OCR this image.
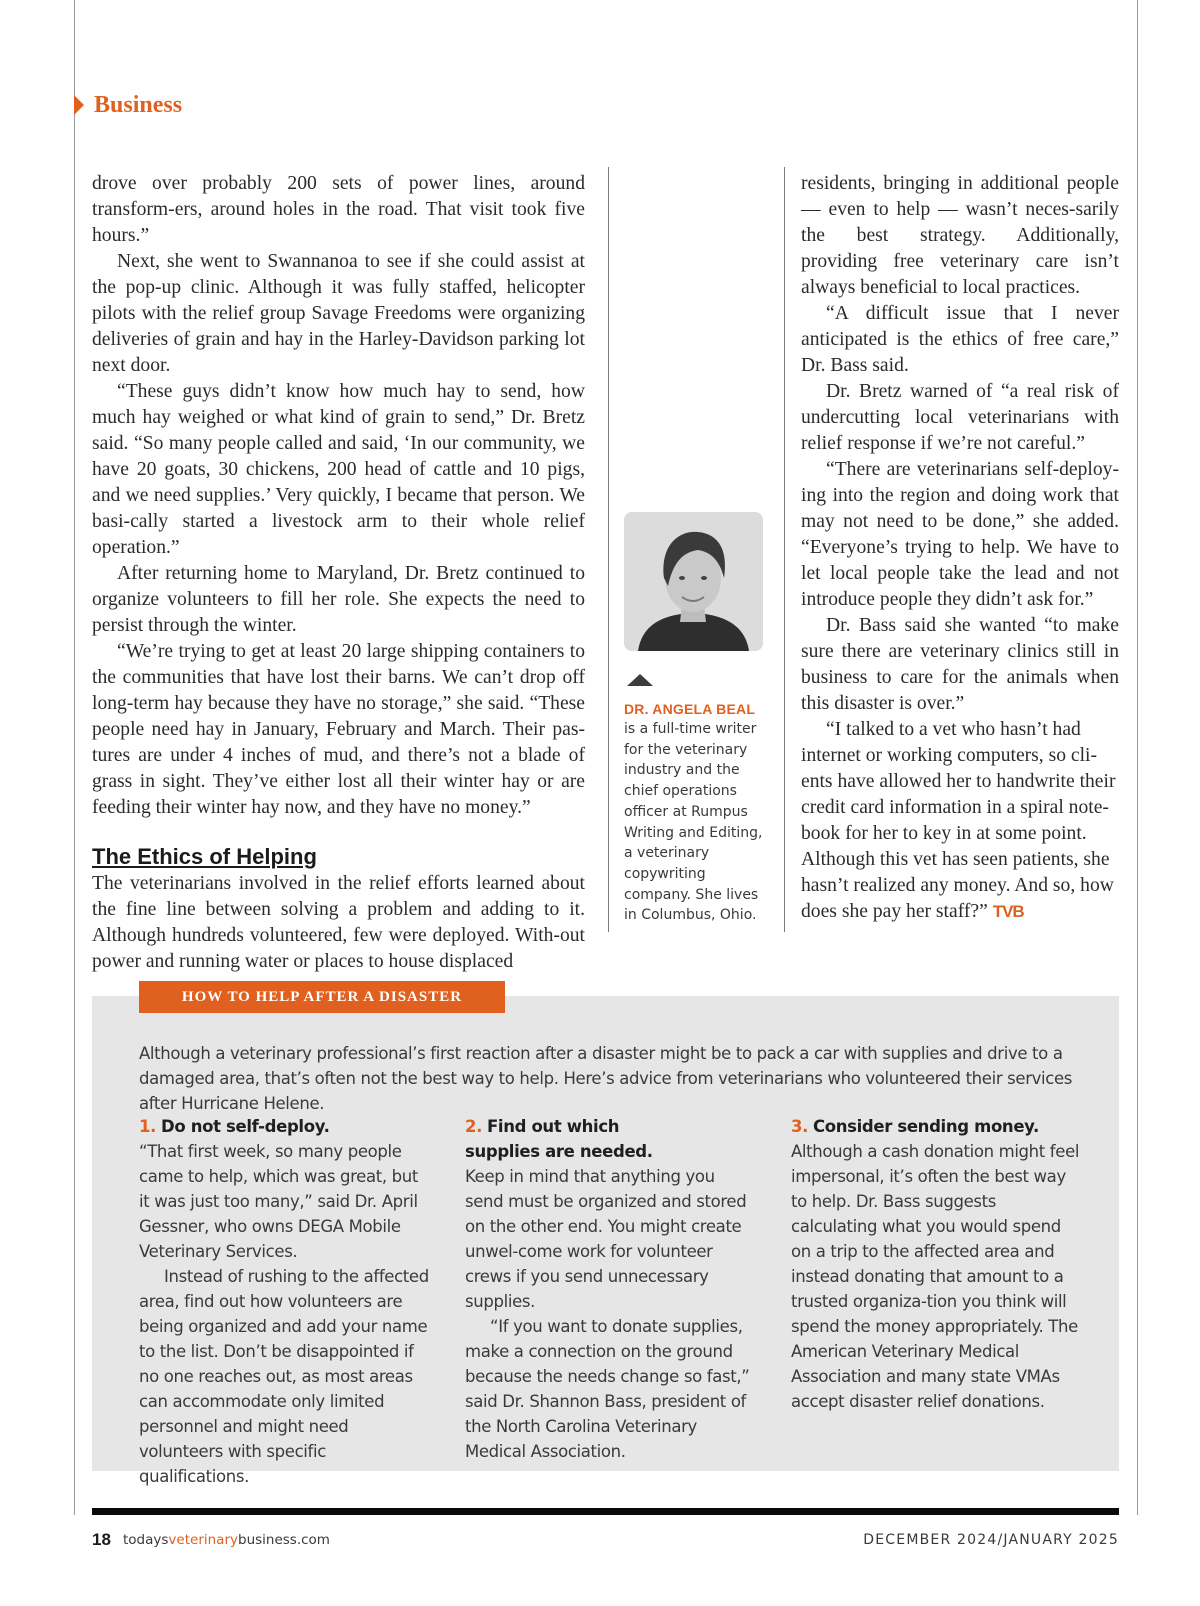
Business

drove over probably 200 sets of power lines, around transform-ers, around holes in the road. That visit took five hours.”

Next, she went to Swannanoa to see if she could assist at the pop-up clinic. Although it was fully staffed, helicopter pilots with the relief group Savage Freedoms were organizing deliveries of grain and hay in the Harley-Davidson parking lot next door.

“These guys didn’t know how much hay to send, how much hay weighed or what kind of grain to send,” Dr. Bretz said. “So many people called and said, ‘In our community, we have 20 goats, 30 chickens, 200 head of cattle and 10 pigs, and we need supplies.’ Very quickly, I became that person. We basi-cally started a livestock arm to their whole relief operation.”

After returning home to Maryland, Dr. Bretz continued to organize volunteers to fill her role. She expects the need to persist through the winter.

“We’re trying to get at least 20 large shipping containers to the communities that have lost their barns. We can’t drop off long-term hay because they have no storage,” she said. “These people need hay in January, February and March. Their pas-tures are under 4 inches of mud, and there’s not a blade of grass in sight. They’ve either lost all their winter hay or are feeding their winter hay now, and they have no money.”

The Ethics of Helping

The veterinarians involved in the relief efforts learned about the fine line between solving a problem and adding to it. Although hundreds volunteered, few were deployed. With-out power and running water or places to house displaced

DR. ANGELA BEAL
is a full-time writer for the veterinary industry and the chief operations officer at Rumpus Writing and Editing, a veterinary copywriting company. She lives in Columbus, Ohio.

residents, bringing in additional people — even to help — wasn’t neces-sarily the best strategy. Additionally, providing free veterinary care isn’t always beneficial to local practices.

“A difficult issue that I never anticipated is the ethics of free care,” Dr. Bass said.

Dr. Bretz warned of “a real risk of undercutting local veterinarians with relief response if we’re not careful.”

“There are veterinarians self-deploy-ing into the region and doing work that may not need to be done,” she added. “Everyone’s trying to help. We have to let local people take the lead and not introduce people they didn’t ask for.”

Dr. Bass said she wanted “to make sure there are veterinary clinics still in business to care for the animals when this disaster is over.”

“I talked to a vet who hasn’t had internet or working computers, so cli-ents have allowed her to handwrite their credit card information in a spiral note-book for her to key in at some point. Although this vet has seen patients, she hasn’t realized any money. And so, how does she pay her staff?” TVB

HOW TO HELP AFTER A DISASTER
Although a veterinary professional’s first reaction after a disaster might be to pack a car with supplies and drive to a damaged area, that’s often not the best way to help. Here’s advice from veterinarians who volunteered their services after Hurricane Helene.

1. Do not self-deploy.

“That first week, so many people came to help, which was great, but it was just too many,” said Dr. April Gessner, who owns DEGA Mobile Veterinary Services.

Instead of rushing to the affected area, find out how volunteers are being organized and add your name to the list. Don’t be disappointed if no one reaches out, as most areas can accommodate only limited personnel and might need volunteers with specific qualifications.

2. Find out which supplies are needed.

Keep in mind that anything you send must be organized and stored on the other end. You might create unwel-come work for volunteer crews if you send unnecessary supplies.

“If you want to donate supplies, make a connection on the ground because the needs change so fast,” said Dr. Shannon Bass, president of the North Carolina Veterinary Medical Association.

3. Consider sending money.

Although a cash donation might feel impersonal, it’s often the best way to help. Dr. Bass suggests calculating what you would spend on a trip to the affected area and instead donating that amount to a trusted organiza-tion you think will spend the money appropriately. The American Veterinary Medical Association and many state VMAs accept disaster relief donations.

18 todaysveterinarybusiness.com	DECEMBER 2024/JANUARY 2025
